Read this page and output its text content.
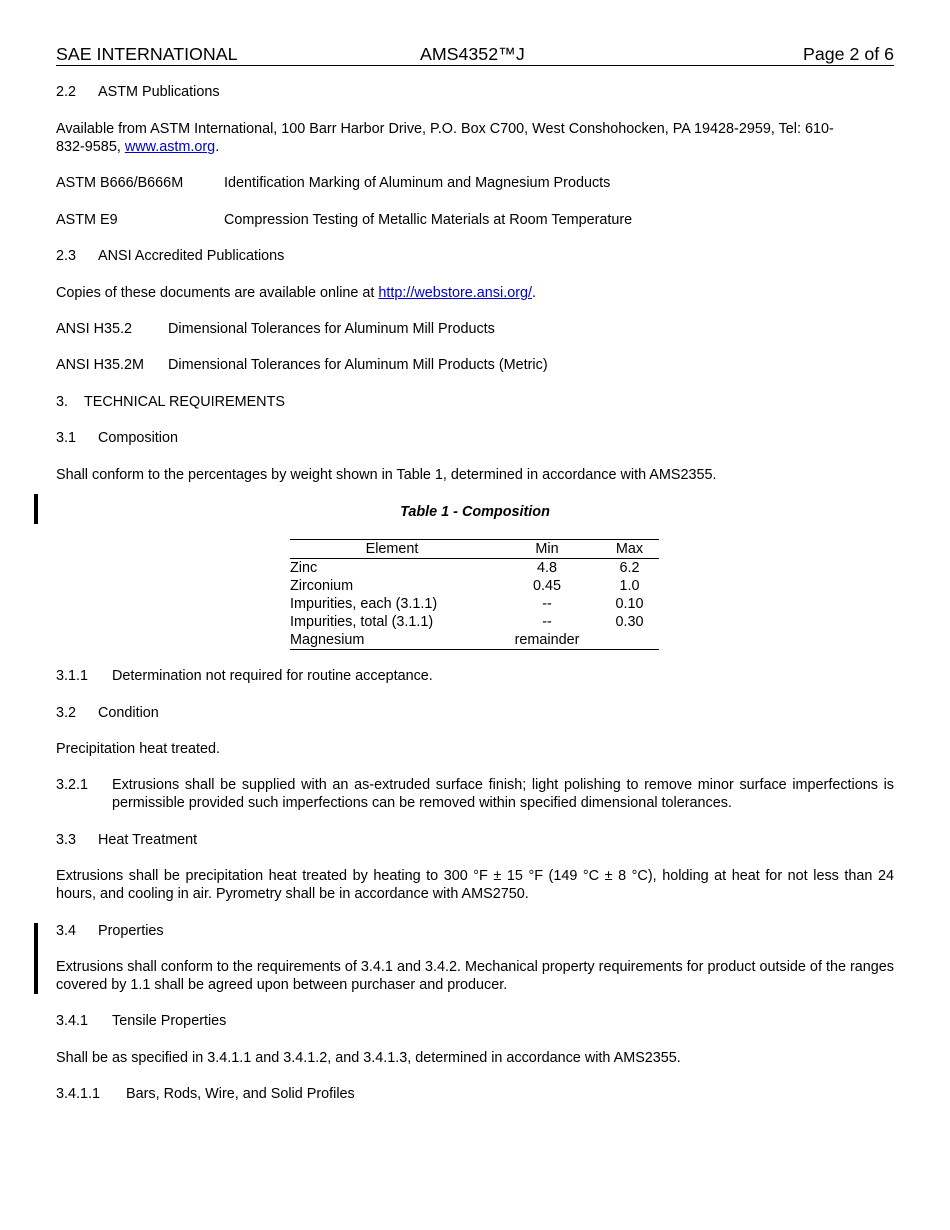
SAE INTERNATIONAL	AMS4352™J	Page 2 of 6
2.2 ASTM Publications
Available from ASTM International, 100 Barr Harbor Drive, P.O. Box C700, West Conshohocken, PA 19428-2959, Tel: 610-
832-9585, www.astm.org.
ASTM B666/B666M	Identification Marking of Aluminum and Magnesium Products
ASTM E9	Compression Testing of Metallic Materials at Room Temperature
2.3 ANSI Accredited Publications
Copies of these documents are available online at http://webstore.ansi.org/.
ANSI H35.2	Dimensional Tolerances for Aluminum Mill Products
ANSI H35.2M Dimensional Tolerances for Aluminum Mill Products (Metric)
3. TECHNICAL REQUIREMENTS
3.1 Composition
Shall conform to the percentages by weight shown in Table 1, determined in accordance with AMS2355.
Table 1 - Composition
Element	Min	Max
Zinc	4.8	6.2
Zirconium	0.45	1.0
Impurities, each (3.1.1)	--	0.10
Impurities, total (3.1.1)	--	0.30
Magnesium	remainder	
3.1.1 Determination not required for routine acceptance.
3.2 Condition
Precipitation heat treated.
3.2.1	Extrusions shall be supplied with an as-extruded surface finish; light polishing to remove minor surface imperfections is permissible provided such imperfections can be removed within specified dimensional tolerances.
3.3 Heat Treatment
Extrusions shall be precipitation heat treated by heating to 300 °F ± 15 °F (149 °C ± 8 °C), holding at heat for not less than 24 hours, and cooling in air. Pyrometry shall be in accordance with AMS2750.
3.4 Properties
Extrusions shall conform to the requirements of 3.4.1 and 3.4.2. Mechanical property requirements for product outside of the ranges covered by 1.1 shall be agreed upon between purchaser and producer.
3.4.1 Tensile Properties
Shall be as specified in 3.4.1.1 and 3.4.1.2, and 3.4.1.3, determined in accordance with AMS2355.
3.4.1.1 Bars, Rods, Wire, and Solid Profiles
